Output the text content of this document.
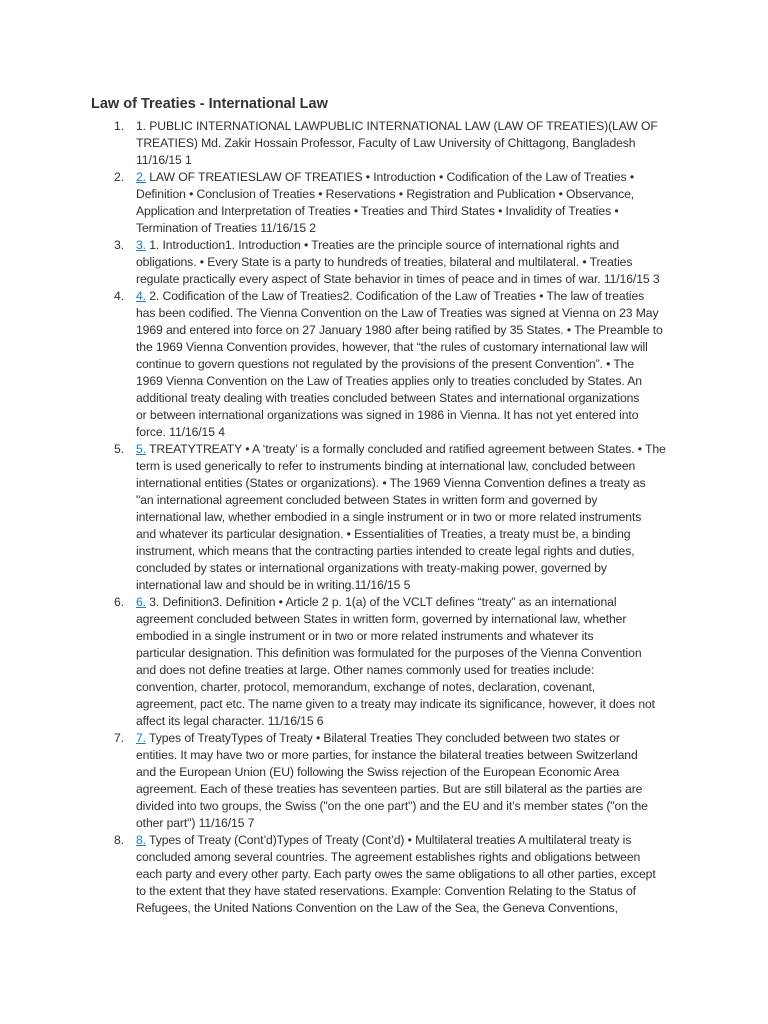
Law of Treaties - International Law
1. 1. PUBLIC INTERNATIONAL LAWPUBLIC INTERNATIONAL LAW (LAW OF TREATIES)(LAW OF
TREATIES) Md. Zakir Hossain Professor, Faculty of Law University of Chittagong, Bangladesh
11/16/15 1
2. 2. LAW OF TREATIESLAW OF TREATIES • Introduction • Codification of the Law of Treaties •
Definition • Conclusion of Treaties • Reservations • Registration and Publication • Observance,
Application and Interpretation of Treaties • Treaties and Third States • Invalidity of Treaties •
Termination of Treaties 11/16/15 2
3. 3. 1. Introduction1. Introduction • Treaties are the principle source of international rights and
obligations. • Every State is a party to hundreds of treaties, bilateral and multilateral. • Treaties
regulate practically every aspect of State behavior in times of peace and in times of war. 11/16/15 3
4. 4. 2. Codification of the Law of Treaties2. Codification of the Law of Treaties • The law of treaties
has been codified. The Vienna Convention on the Law of Treaties was signed at Vienna on 23 May
1969 and entered into force on 27 January 1980 after being ratified by 35 States. • The Preamble to
the 1969 Vienna Convention provides, however, that “the rules of customary international law will
continue to govern questions not regulated by the provisions of the present Convention”. • The
1969 Vienna Convention on the Law of Treaties applies only to treaties concluded by States. An
additional treaty dealing with treaties concluded between States and international organizations
or between international organizations was signed in 1986 in Vienna. It has not yet entered into
force. 11/16/15 4
5. 5. TREATYTREATY • A ‘treaty’ is a formally concluded and ratified agreement between States. • The
term is used generically to refer to instruments binding at international law, concluded between
international entities (States or organizations). • The 1969 Vienna Convention defines a treaty as
"an international agreement concluded between States in written form and governed by
international law, whether embodied in a single instrument or in two or more related instruments
and whatever its particular designation. • Essentialities of Treaties, a treaty must be, a binding
instrument, which means that the contracting parties intended to create legal rights and duties,
concluded by states or international organizations with treaty-making power, governed by
international law and should be in writing.11/16/15 5
6. 6. 3. Definition3. Definition • Article 2 p. 1(a) of the VCLT defines “treaty” as an international
agreement concluded between States in written form, governed by international law, whether
embodied in a single instrument or in two or more related instruments and whatever its
particular designation. This definition was formulated for the purposes of the Vienna Convention
and does not define treaties at large. Other names commonly used for treaties include:
convention, charter, protocol, memorandum, exchange of notes, declaration, covenant,
agreement, pact etc. The name given to a treaty may indicate its significance, however, it does not
affect its legal character. 11/16/15 6
7. 7. Types of TreatyTypes of Treaty • Bilateral Treaties They concluded between two states or
entities. It may have two or more parties, for instance the bilateral treaties between Switzerland
and the European Union (EU) following the Swiss rejection of the European Economic Area
agreement. Each of these treaties has seventeen parties. But are still bilateral as the parties are
divided into two groups, the Swiss ("on the one part") and the EU and it’s member states ("on the
other part") 11/16/15 7
8. 8. Types of Treaty (Cont’d)Types of Treaty (Cont’d) • Multilateral treaties A multilateral treaty is
concluded among several countries. The agreement establishes rights and obligations between
each party and every other party. Each party owes the same obligations to all other parties, except
to the extent that they have stated reservations. Example: Convention Relating to the Status of
Refugees, the United Nations Convention on the Law of the Sea, the Geneva Conventions,
